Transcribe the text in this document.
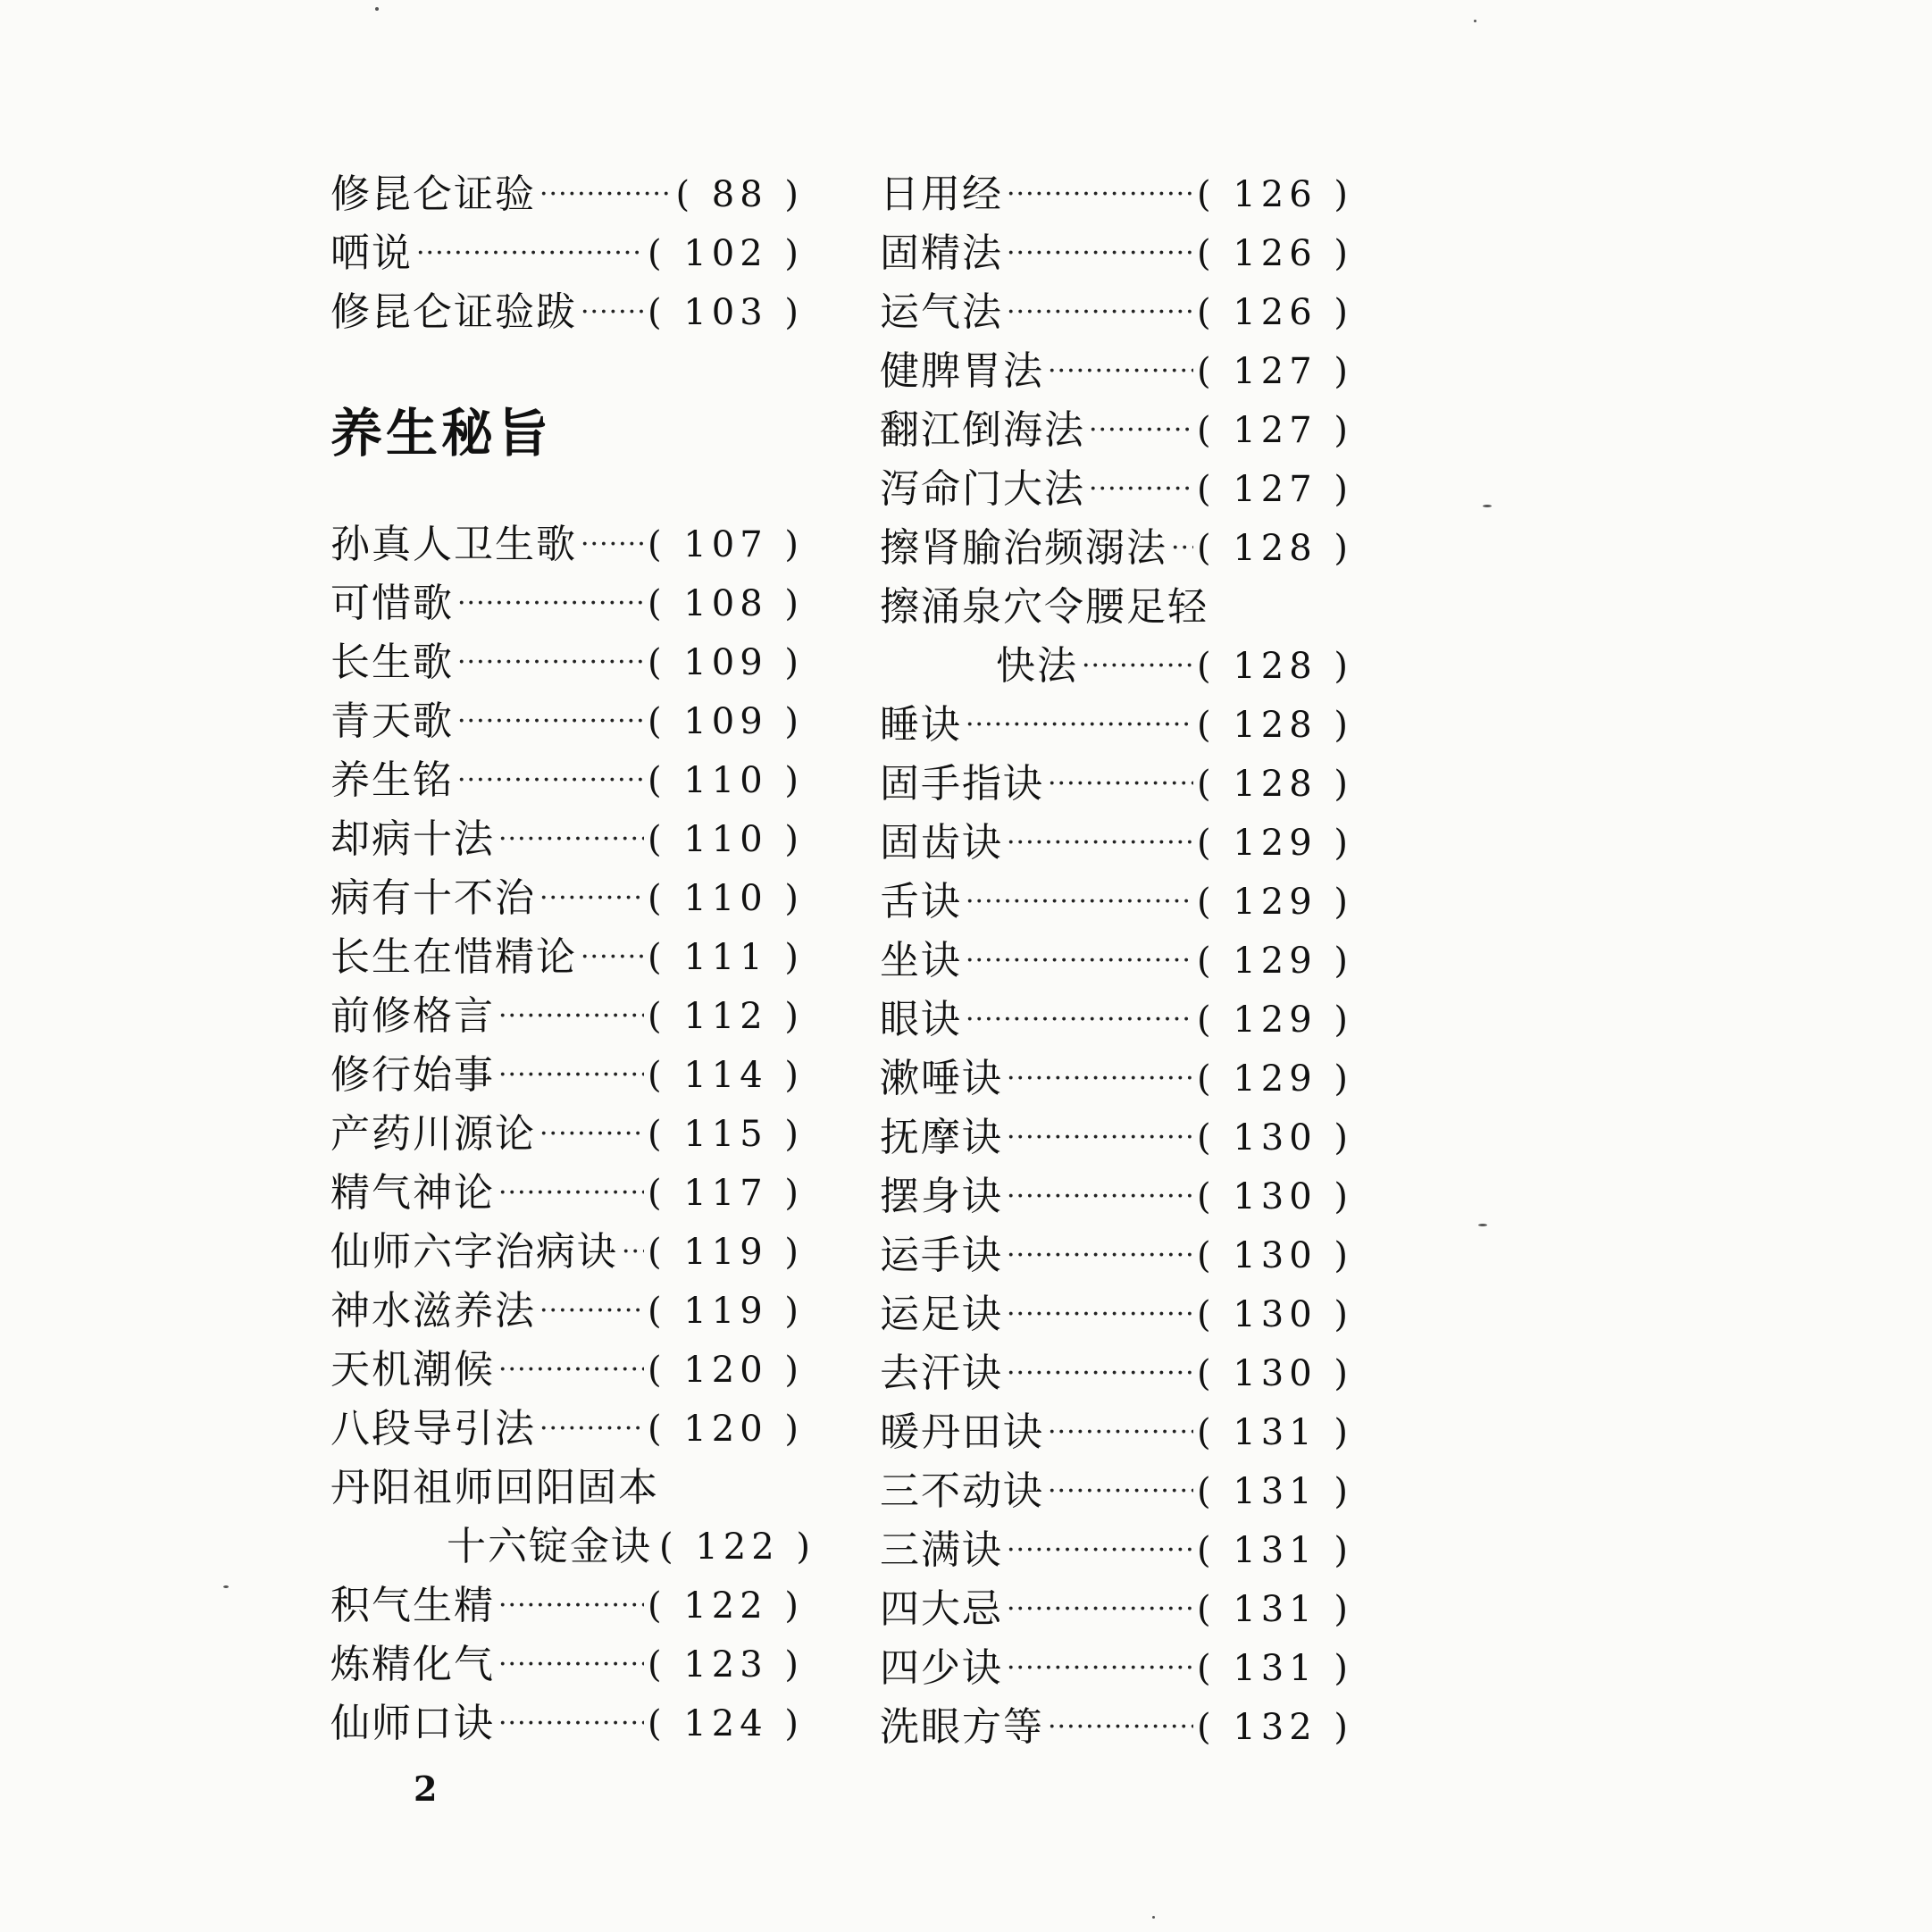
修昆仑证验 ·····	( 88 )
哂说 ·····	( 102 )
修昆仑证验跋 ····· ( 103 )
养生秘旨
孙真人卫生歌 ····· ( 107 )
可惜歌 ·····	( 108 )
长生歌 ·····	( 109 )
青天歌 ·····	( 109 )
养生铭 ·····	( 110 )
却病十法 ·····	( 110 )
病有十不治 ·····	( 110 )
长生在惜精论 ····· ( 111 )
前修格言 ·····	( 112 )
修行始事 ·····	( 114 )
产药川源论 ·····	( 115 )
精气神论 ·····	( 117 )
仙师六字治病诀 ····· ( 119 )
神水滋养法 ·····	( 119 )
天机潮候 ·····	( 120 )
八段导引法 ·····	( 120 )
丹阳祖师回阳固本
十六锭金诀 ( 122 )
积气生精 ·····	( 122 )
炼精化气 ·····	( 123 )
仙师口诀 ·····	( 124 )
日用经 ·····	( 126 )
固精法 ·····	( 126 )
运气法 ·····	( 126 )
健脾胃法 ·····	( 127 )
翻江倒海法 ·····	( 127 )
泻命门大法 ·····	( 127 )
擦肾腧治频溺法 ····· ( 128 )
擦涌泉穴令腰足轻
快法 ·····	( 128 )
睡诀 ·····	( 128 )
固手指诀 ·····	( 128 )
固齿诀 ·····	( 129 )
舌诀 ·····	( 129 )
坐诀 ·····	( 129 )
眼诀 ·····	( 129 )
漱唾诀 ·····	( 129 )
抚摩诀 ·····	( 130 )
摆身诀 ·····	( 130 )
运手诀 ·····	( 130 )
运足诀 ·····	( 130 )
去汗诀 ·····	( 130 )
暖丹田诀 ·····	( 131 )
三不动诀 ·····	( 131 )
三满诀 ·····	( 131 )
四大忌 ·····	( 131 )
四少诀 ·····	( 131 )
洗眼方等 ·····	( 132 )
2
